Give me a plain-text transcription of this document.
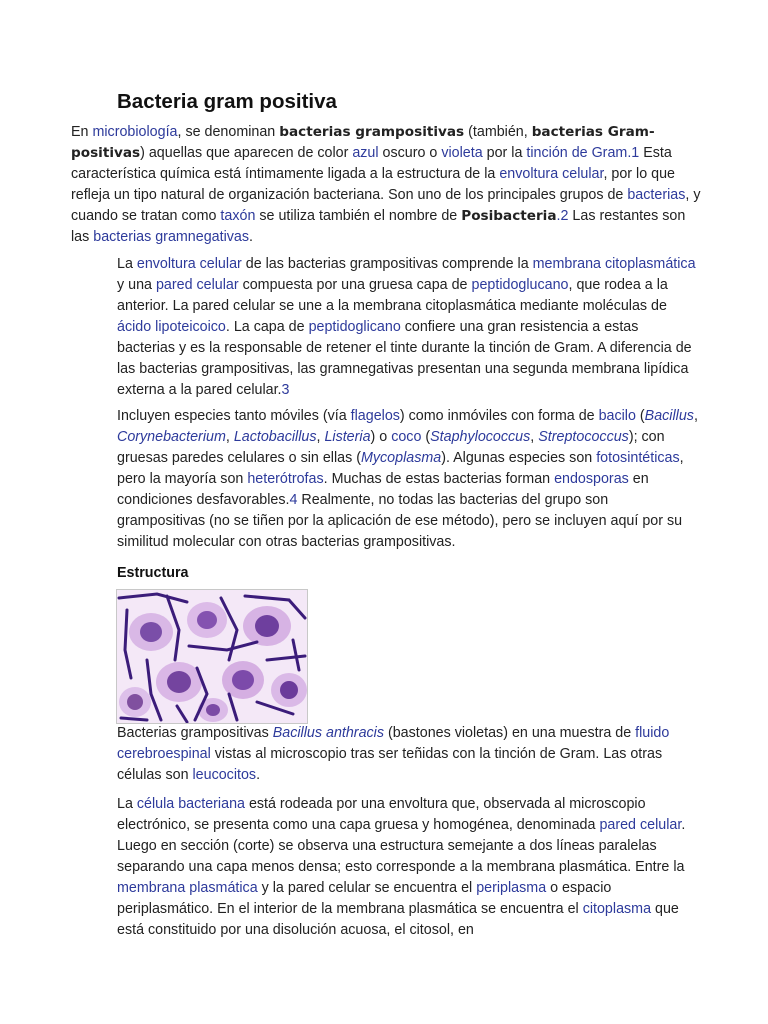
Bacteria gram positiva

En microbiología, se denominan bacterias grampositivas (también, bacterias Gram-positivas) aquellas que aparecen de color azul oscuro o violeta por la tinción de Gram.1 Esta característica química está íntimamente ligada a la estructura de la envoltura celular, por lo que refleja un tipo natural de organización bacteriana. Son uno de los principales grupos de bacterias, y cuando se tratan como taxón se utiliza también el nombre de Posibacteria.2 Las restantes son las bacterias gramnegativas.

La envoltura celular de las bacterias grampositivas comprende la membrana citoplasmática y una pared celular compuesta por una gruesa capa de peptidoglucano, que rodea a la anterior. La pared celular se une a la membrana citoplasmática mediante moléculas de ácido lipoteicoico. La capa de peptidoglicano confiere una gran resistencia a estas bacterias y es la responsable de retener el tinte durante la tinción de Gram. A diferencia de las bacterias grampositivas, las gramnegativas presentan una segunda membrana lipídica externa a la pared celular.3

Incluyen especies tanto móviles (vía flagelos) como inmóviles con forma de bacilo (Bacillus, Corynebacterium, Lactobacillus, Listeria) o coco (Staphylococcus, Streptococcus); con gruesas paredes celulares o sin ellas (Mycoplasma). Algunas especies son fotosintéticas, pero la mayoría son heterótrofas. Muchas de estas bacterias forman endosporas en condiciones desfavorables.4 Realmente, no todas las bacterias del grupo son grampositivas (no se tiñen por la aplicación de ese método), pero se incluyen aquí por su similitud molecular con otras bacterias grampositivas.

Estructura

Bacterias grampositivas Bacillus anthracis (bastones violetas) en una muestra de fluido cerebroespinal vistas al microscopio tras ser teñidas con la tinción de Gram. Las otras células son leucocitos.

La célula bacteriana está rodeada por una envoltura que, observada al microscopio electrónico, se presenta como una capa gruesa y homogénea, denominada pared celular. Luego en sección (corte) se observa una estructura semejante a dos líneas paralelas separando una capa menos densa; esto corresponde a la membrana plasmática. Entre la membrana plasmática y la pared celular se encuentra el periplasma o espacio periplasmático. En el interior de la membrana plasmática se encuentra el citoplasma que está constituido por una disolución acuosa, el citosol, en
